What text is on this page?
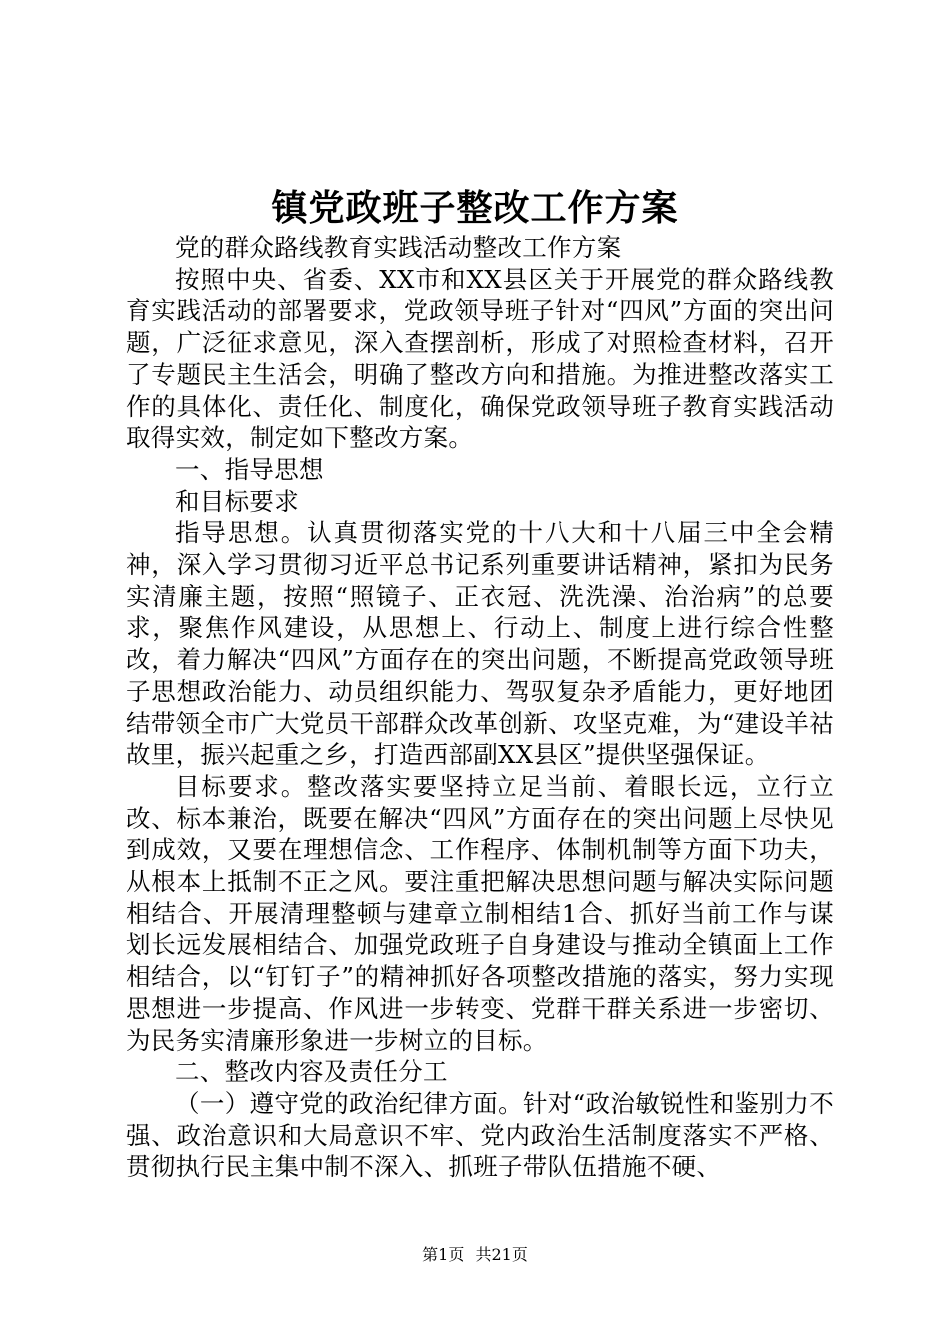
镇党政班子整改工作方案

党的群众路线教育实践活动整改工作方案

按照中央、省委、XX市和XX县区关于开展党的群众路线教育实践活动的部署要求，党政领导班子针对“四风”方面的突出问题，广泛征求意见，深入查摆剖析，形成了对照检查材料，召开了专题民主生活会，明确了整改方向和措施。为推进整改落实工作的具体化、责任化、制度化，确保党政领导班子教育实践活动取得实效，制定如下整改方案。

一、指导思想

和目标要求

指导思想。认真贯彻落实党的十八大和十八届三中全会精神，深入学习贯彻习近平总书记系列重要讲话精神，紧扣为民务实清廉主题，按照“照镜子、正衣冠、洗洗澡、治治病”的总要求，聚焦作风建设，从思想上、行动上、制度上进行综合性整改，着力解决“四风”方面存在的突出问题，不断提高党政领导班子思想政治能力、动员组织能力、驾驭复杂矛盾能力，更好地团结带领全市广大党员干部群众改革创新、攻坚克难，为“建设羊祜故里，振兴起重之乡，打造西部副XX县区”提供坚强保证。

目标要求。整改落实要坚持立足当前、着眼长远，立行立改、标本兼治，既要在解决“四风”方面存在的突出问题上尽快见到成效，又要在理想信念、工作程序、体制机制等方面下功夫，从根本上抵制不正之风。要注重把解决思想问题与解决实际问题相结合、开展清理整顿与建章立制相结1合、抓好当前工作与谋划长远发展相结合、加强党政班子自身建设与推动全镇面上工作相结合，以“钉钉子”的精神抓好各项整改措施的落实，努力实现思想进一步提高、作风进一步转变、党群干群关系进一步密切、为民务实清廉形象进一步树立的目标。

二、整改内容及责任分工

（一）遵守党的政治纪律方面。针对“政治敏锐性和鉴别力不强、政治意识和大局意识不牢、党内政治生活制度落实不严格、贯彻执行民主集中制不深入、抓班子带队伍措施不硬、

第1页 共21页
